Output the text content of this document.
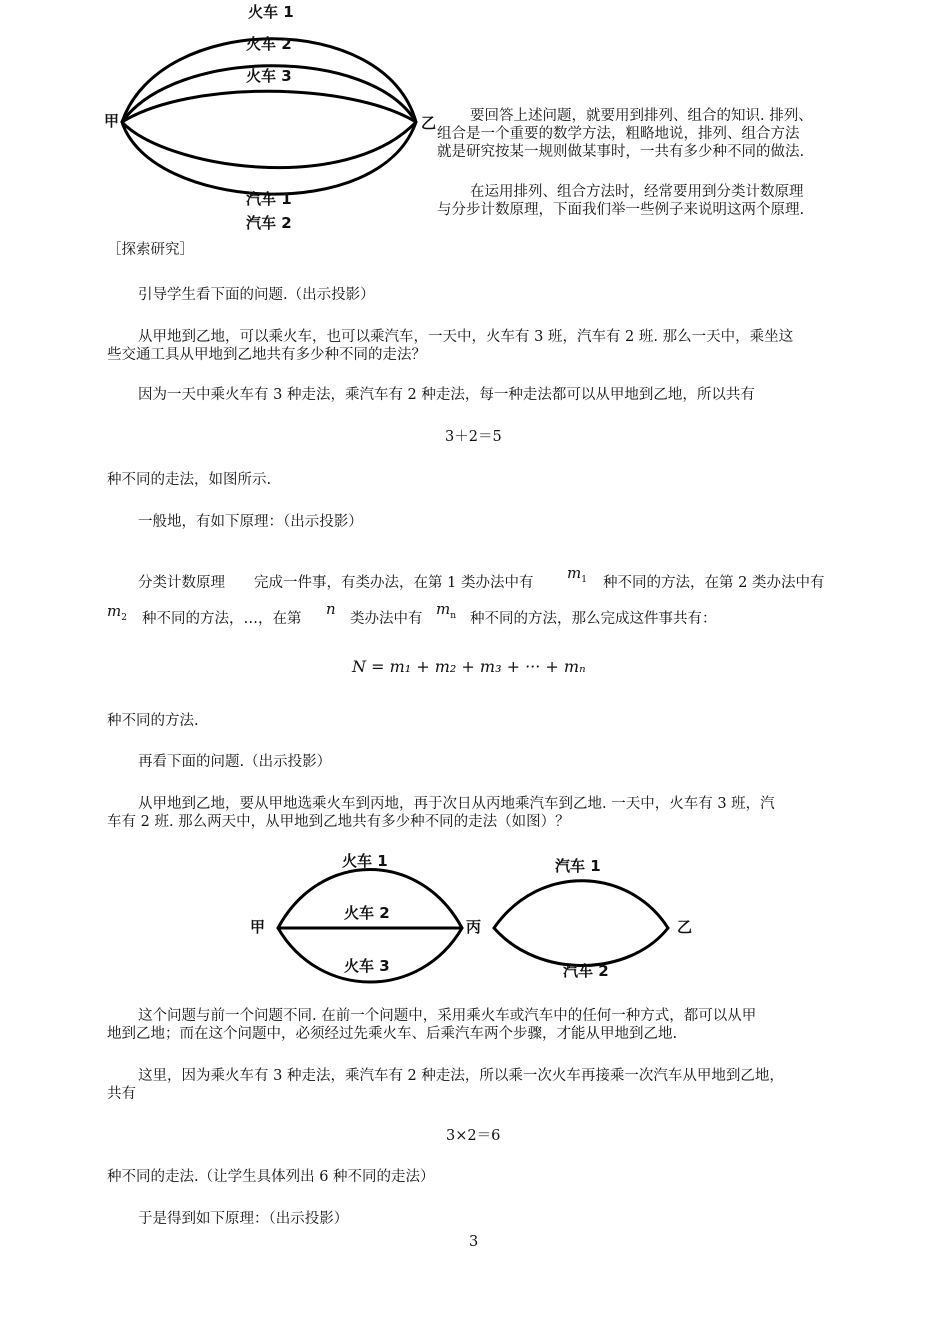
甲	乙
火车 1
火车 2
火车 3
汽车 1
汽车 2

要回答上述问题，就要用到排列、组合的知识. 排列、

组合是一个重要的数学方法，粗略地说，排列、组合方法

就是研究按某一规则做某事时，一共有多少种不同的做法.

在运用排列、组合方法时，经常要用到分类计数原理

与分步计数原理，下面我们举一些例子来说明这两个原理.

［探索研究］

引导学生看下面的问题.（出示投影）

从甲地到乙地，可以乘火车，也可以乘汽车，一天中，火车有 3 班，汽车有 2 班. 那么一天中，乘坐这

些交通工具从甲地到乙地共有多少种不同的走法？

因为一天中乘火车有 3 种走法，乘汽车有 2 种走法，每一种走法都可以从甲地到乙地，所以共有

3＋2＝5

种不同的走法，如图所示.

一般地，有如下原理：（出示投影）

分类计数原理　　完成一件事，有类办法，在第 1 类办法中有

$m_1$ 种不同的方法，在第 2 类办法中有

$m_2$ 种不同的方法，…，在第

n

类办法中有

$m_n$ 种不同的方法，那么完成这件事共有：

N = m₁ + m₂ + m₃ + ··· + mₙ

种不同的方法.

再看下面的问题.（出示投影）

从甲地到乙地，要从甲地选乘火车到丙地，再于次日从丙地乘汽车到乙地. 一天中，火车有 3 班，汽

车有 2 班. 那么两天中，从甲地到乙地共有多少种不同的走法（如图）？

甲	丙	乙
火车 1
火车 2
火车 3
汽车 1
汽车 2

这个问题与前一个问题不同. 在前一个问题中，采用乘火车或汽车中的任何一种方式，都可以从甲

地到乙地；而在这个问题中，必须经过先乘火车、后乘汽车两个步骤，才能从甲地到乙地.

这里，因为乘火车有 3 种走法，乘汽车有 2 种走法，所以乘一次火车再接乘一次汽车从甲地到乙地，

共有

3×2＝6

种不同的走法.（让学生具体列出 6 种不同的走法）

于是得到如下原理：（出示投影）

3
